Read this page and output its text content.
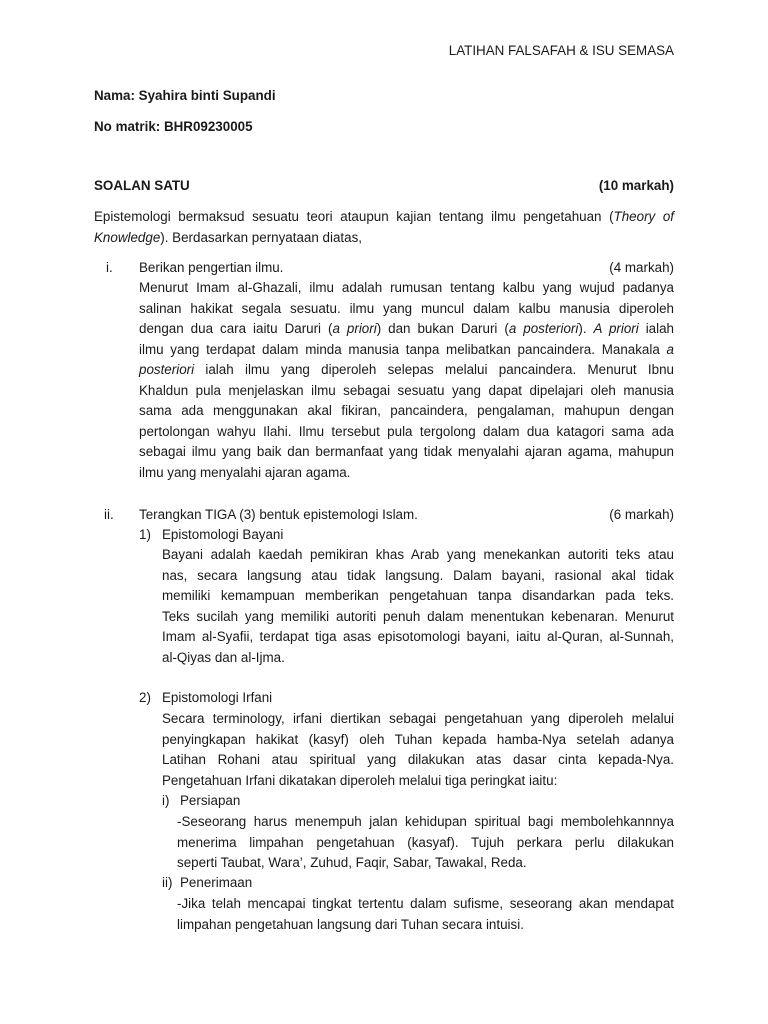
LATIHAN FALSAFAH & ISU SEMASA
Nama: Syahira binti Supandi
No matrik: BHR09230005
SOALAN SATU	(10 markah)
Epistemologi bermaksud sesuatu teori ataupun kajian tentang ilmu pengetahuan (Theory of
Knowledge). Berdasarkan pernyataan diatas,
i. Berikan pengertian ilmu.	(4 markah)
Menurut Imam al-Ghazali, ilmu adalah rumusan tentang kalbu yang wujud padanya
salinan hakikat segala sesuatu. ilmu yang muncul dalam kalbu manusia diperoleh
dengan dua cara iaitu Daruri (a priori) dan bukan Daruri (a posteriori). A priori ialah
ilmu yang terdapat dalam minda manusia tanpa melibatkan pancaindera. Manakala a
posteriori ialah ilmu yang diperoleh selepas melalui pancaindera. Menurut Ibnu
Khaldun pula menjelaskan ilmu sebagai sesuatu yang dapat dipelajari oleh manusia
sama ada menggunakan akal fikiran, pancaindera, pengalaman, mahupun dengan
pertolongan wahyu Ilahi. Ilmu tersebut pula tergolong dalam dua katagori sama ada
sebagai ilmu yang baik dan bermanfaat yang tidak menyalahi ajaran agama, mahupun
ilmu yang menyalahi ajaran agama.
ii. Terangkan TIGA (3) bentuk epistemologi Islam.	(6 markah)
1) Epistomologi Bayani
Bayani adalah kaedah pemikiran khas Arab yang menekankan autoriti teks atau
nas, secara langsung atau tidak langsung. Dalam bayani, rasional akal tidak
memiliki kemampuan memberikan pengetahuan tanpa disandarkan pada teks.
Teks sucilah yang memiliki autoriti penuh dalam menentukan kebenaran. Menurut
Imam al-Syafii, terdapat tiga asas episotomologi bayani, iaitu al-Quran, al-Sunnah,
al-Qiyas dan al-Ijma.
2) Epistomologi Irfani
Secara terminology, irfani diertikan sebagai pengetahuan yang diperoleh melalui
penyingkapan hakikat (kasyf) oleh Tuhan kepada hamba-Nya setelah adanya
Latihan Rohani atau spiritual yang dilakukan atas dasar cinta kepada-Nya.
Pengetahuan Irfani dikatakan diperoleh melalui tiga peringkat iaitu:
i) Persiapan
-Seseorang harus menempuh jalan kehidupan spiritual bagi membolehkannnya
menerima limpahan pengetahuan (kasyaf). Tujuh perkara perlu dilakukan
seperti Taubat, Wara’, Zuhud, Faqir, Sabar, Tawakal, Reda.
ii) Penerimaan
-Jika telah mencapai tingkat tertentu dalam sufisme, seseorang akan mendapat
limpahan pengetahuan langsung dari Tuhan secara intuisi.
